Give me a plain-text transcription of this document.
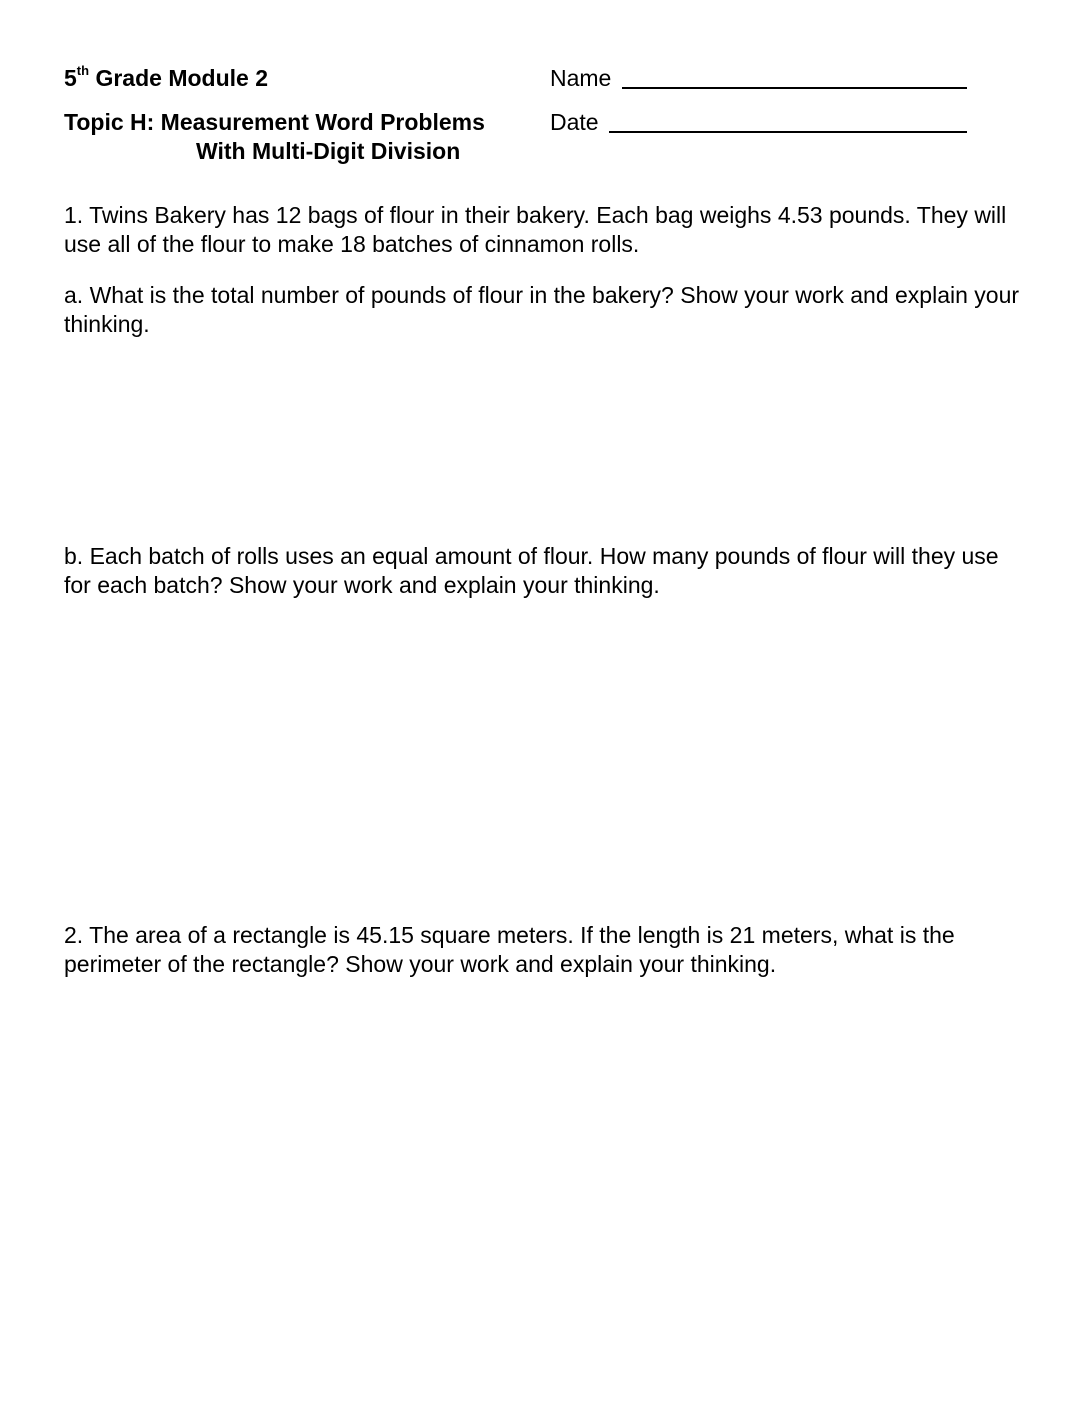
5th Grade Module 2
Topic H: Measurement Word Problems
With Multi-Digit Division
Name
Date
1. Twins Bakery has 12 bags of flour in their bakery. Each bag weighs 4.53 pounds. They will use all of the flour to make 18 batches of cinnamon rolls.
a. What is the total number of pounds of flour in the bakery? Show your work and explain your thinking.
b. Each batch of rolls uses an equal amount of flour. How many pounds of flour will they use for each batch? Show your work and explain your thinking.
2. The area of a rectangle is 45.15 square meters. If the length is 21 meters, what is the perimeter of the rectangle? Show your work and explain your thinking.
